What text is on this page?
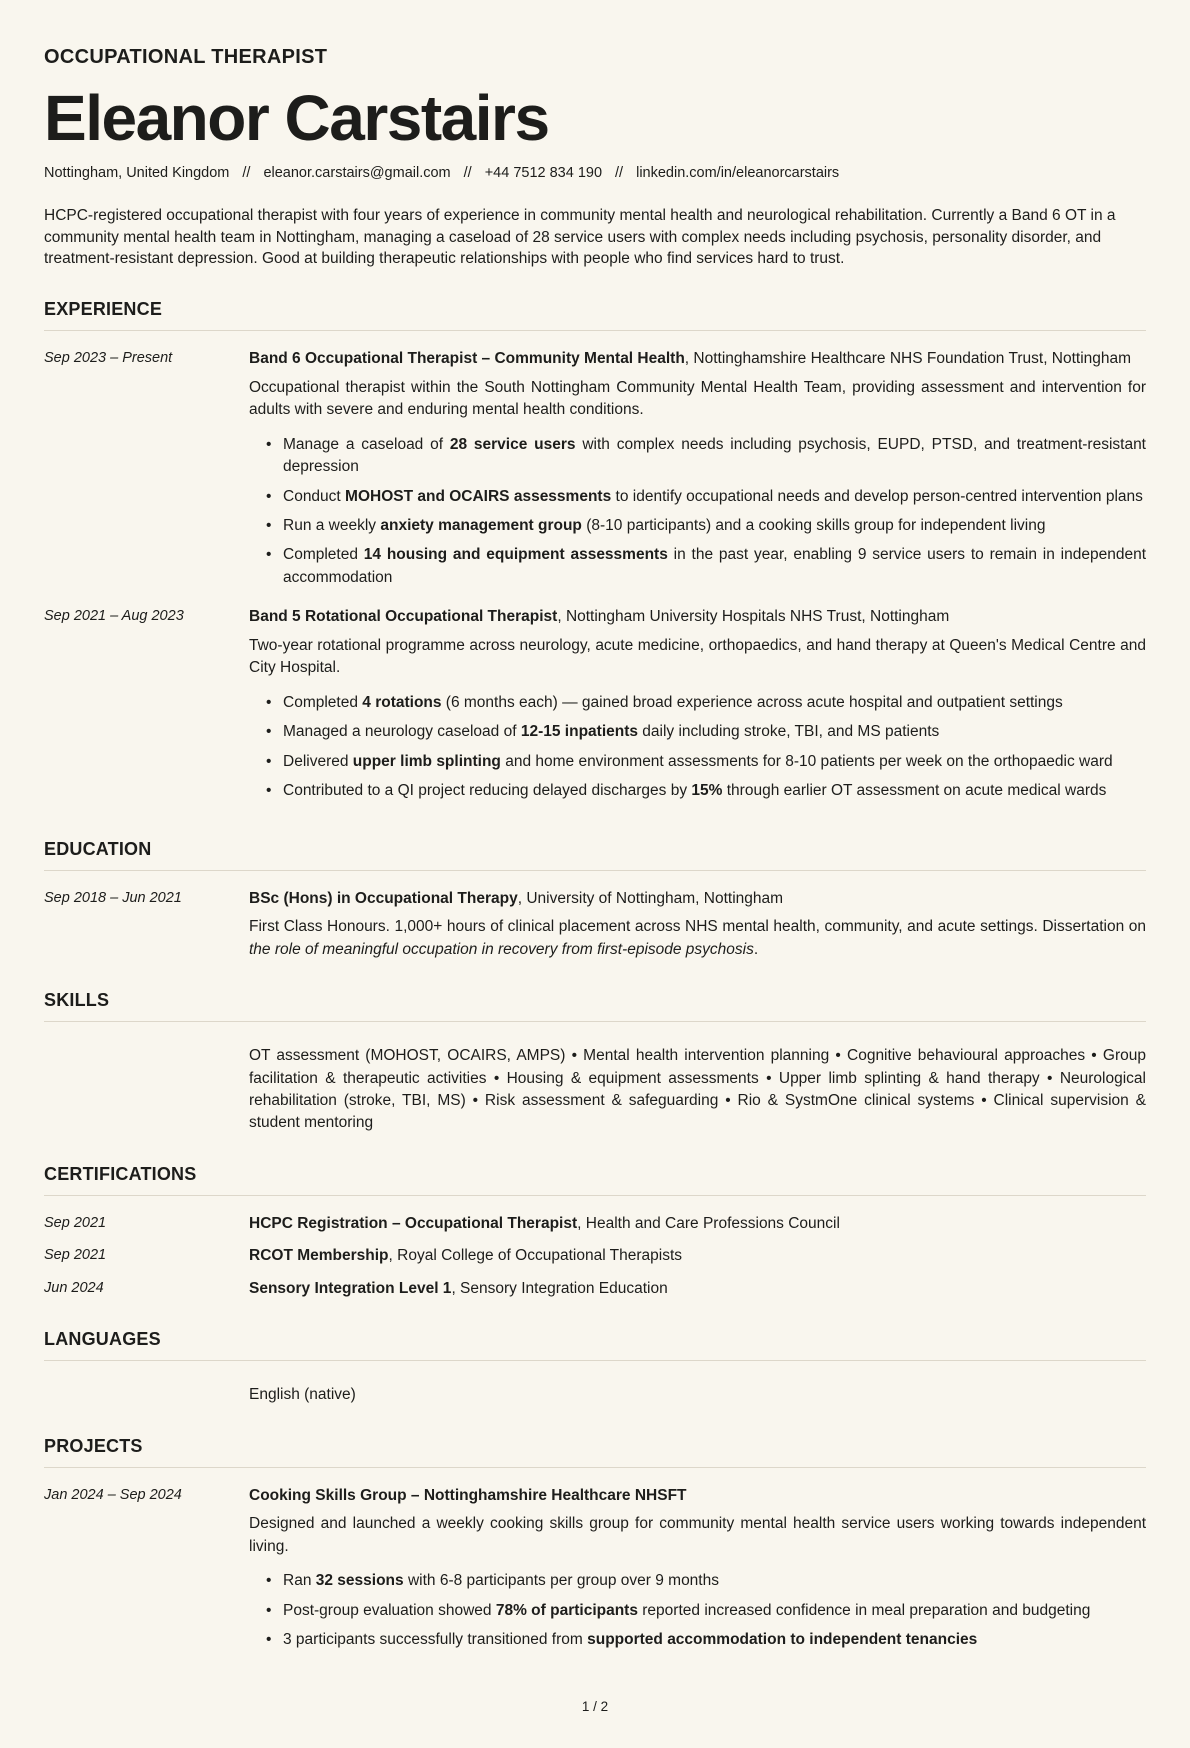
OCCUPATIONAL THERAPIST

Eleanor Carstairs
Nottingham, United Kingdom // eleanor.carstairs@gmail.com // +44 7512 834 190 // linkedin.com/in/eleanorcarstairs

HCPC-registered occupational therapist with four years of experience in community mental health and neurological rehabilitation. Currently a Band 6 OT in a community mental health team in Nottingham, managing a caseload of 28 service users with complex needs including psychosis, personality disorder, and treatment-resistant depression. Good at building therapeutic relationships with people who find services hard to trust.

EXPERIENCE
Sep 2023 – Present	Band 6 Occupational Therapist – Community Mental Health, Nottinghamshire Healthcare NHS Foundation Trust, Nottingham

Occupational therapist within the South Nottingham Community Mental Health Team, providing assessment and intervention for adults with severe and enduring mental health conditions.

• Manage a caseload of 28 service users with complex needs including psychosis, EUPD, PTSD, and treatment-resistant depression
• Conduct MOHOST and OCAIRS assessments to identify occupational needs and develop person-centred intervention plans
• Run a weekly anxiety management group (8-10 participants) and a cooking skills group for independent living
• Completed 14 housing and equipment assessments in the past year, enabling 9 service users to remain in independent accommodation
Sep 2021 – Aug 2023	Band 5 Rotational Occupational Therapist, Nottingham University Hospitals NHS Trust, Nottingham

Two-year rotational programme across neurology, acute medicine, orthopaedics, and hand therapy at Queen's Medical Centre and City Hospital.

• Completed 4 rotations (6 months each) — gained broad experience across acute hospital and outpatient settings
• Managed a neurology caseload of 12-15 inpatients daily including stroke, TBI, and MS patients
• Delivered upper limb splinting and home environment assessments for 8-10 patients per week on the orthopaedic ward
• Contributed to a QI project reducing delayed discharges by 15% through earlier OT assessment on acute medical wards
EDUCATION
Sep 2018 – Jun 2021	BSc (Hons) in Occupational Therapy, University of Nottingham, Nottingham

First Class Honours. 1,000+ hours of clinical placement across NHS mental health, community, and acute settings. Dissertation on the role of meaningful occupation in recovery from first-episode psychosis.

SKILLS

OT assessment (MOHOST, OCAIRS, AMPS) • Mental health intervention planning • Cognitive behavioural approaches • Group facilitation & therapeutic activities • Housing & equipment assessments • Upper limb splinting & hand therapy • Neurological rehabilitation (stroke, TBI, MS) • Risk assessment & safeguarding • Rio & SystmOne clinical systems • Clinical supervision & student mentoring

CERTIFICATIONS
Sep 2021	HCPC Registration – Occupational Therapist, Health and Care Professions Council
Sep 2021	RCOT Membership, Royal College of Occupational Therapists
Jun 2024	Sensory Integration Level 1, Sensory Integration Education
LANGUAGES

English (native)

PROJECTS
Jan 2024 – Sep 2024	Cooking Skills Group – Nottinghamshire Healthcare NHSFT

Designed and launched a weekly cooking skills group for community mental health service users working towards independent living.

• Ran 32 sessions with 6-8 participants per group over 9 months
• Post-group evaluation showed 78% of participants reported increased confidence in meal preparation and budgeting
• 3 participants successfully transitioned from supported accommodation to independent tenancies
1 / 2
